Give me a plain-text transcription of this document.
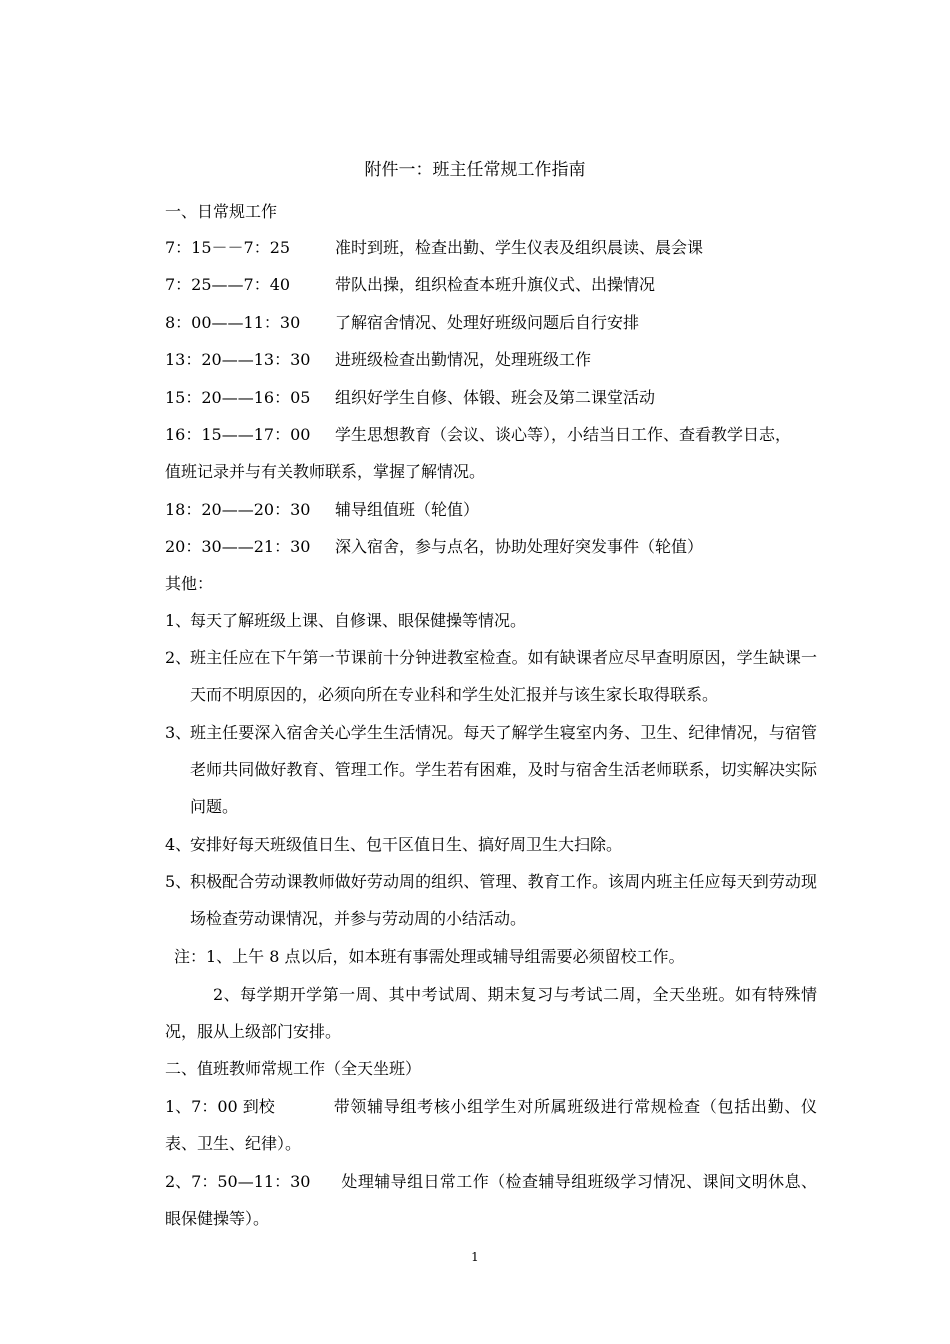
附件一：班主任常规工作指南
一、日常规工作
7：15－－7：25	准时到班，检查出勤、学生仪表及组织晨读、晨会课
7：25——7：40	带队出操，组织检查本班升旗仪式、出操情况
8：00——11：30 了解宿舍情况、处理好班级问题后自行安排
13：20——13：30 进班级检查出勤情况，处理班级工作
15：20——16：05 组织好学生自修、体锻、班会及第二课堂活动
16：15——17：00 学生思想教育（会议、谈心等），小结当日工作、查看教学日志，
值班记录并与有关教师联系，掌握了解情况。
18：20——20：30 辅导组值班（轮值）
20：30——21：30 深入宿舍，参与点名，协助处理好突发事件（轮值）
其他：
1、
每天了解班级上课、自修课、眼保健操等情况。
2、
班主任应在下午第一节课前十分钟进教室检查。如有缺课者应尽早查明原因，学生缺课一天而不明原因的，必须向所在专业科和学生处汇报并与该生家长取得联系。
3、
班主任要深入宿舍关心学生生活情况。每天了解学生寝室内务、卫生、纪律情况，与宿管老师共同做好教育、管理工作。学生若有困难，及时与宿舍生活老师联系，切实解决实际问题。
4、
安排好每天班级值日生、包干区值日生、搞好周卫生大扫除。
5、
积极配合劳动课教师做好劳动周的组织、管理、教育工作。该周内班主任应每天到劳动现场检查劳动课情况，并参与劳动周的小结活动。
注：1、上午 8 点以后，如本班有事需处理或辅导组需要必须留校工作。
2、每学期开学第一周、其中考试周、期末复习与考试二周，全天坐班。如有特殊情况，服从上级部门安排。
二、值班教师常规工作（全天坐班）
1、7：00 到校	带领辅导组考核小组学生对所属班级进行常规检查（包括出勤、仪表、卫生、纪律）。
2、7：50—11：30 处理辅导组日常工作（检查辅导组班级学习情况、课间文明休息、眼保健操等）。
1
